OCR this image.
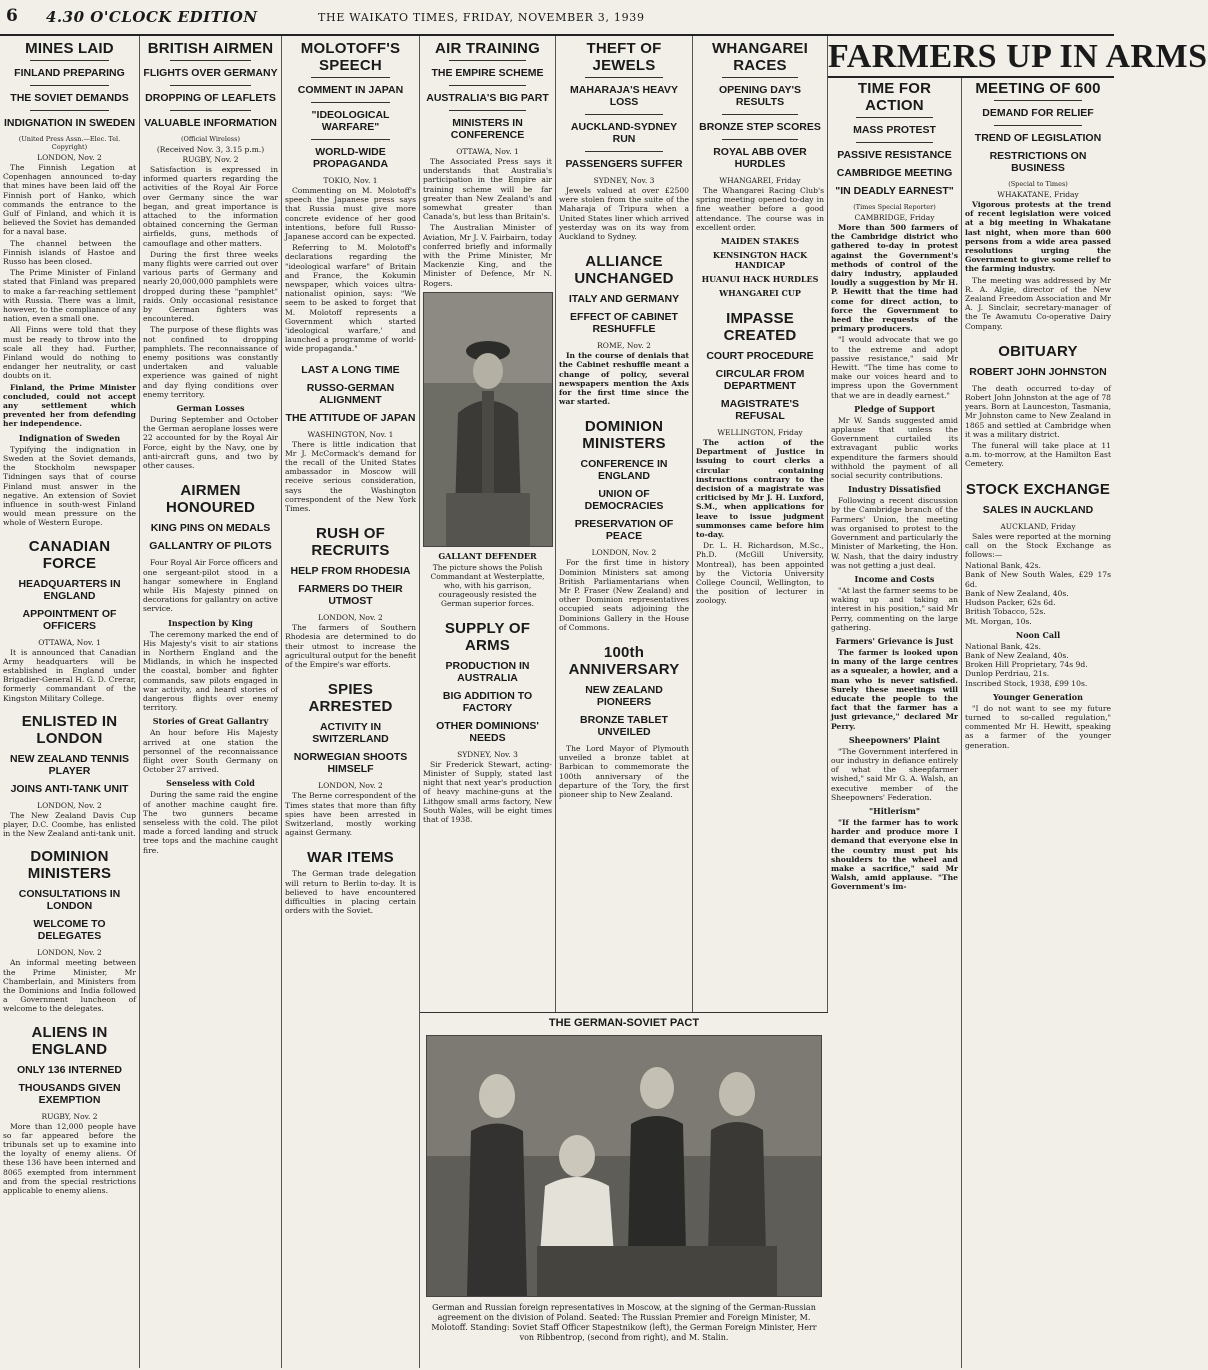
6 4.30 O'CLOCK EDITION	THE WAIKATO TIMES, FRIDAY, NOVEMBER 3, 1939
MINES LAID
FINLAND PREPARING
THE SOVIET DEMANDS
INDIGNATION IN SWEDEN
(United Press Assn.—Elec. Tel. Copyright)
LONDON, Nov. 2

The Finnish Legation at Copenhagen announced to-day that mines have been laid off the Finnish port of Hanko, which commands the entrance to the Gulf of Finland, and which it is believed the Soviet has demanded for a naval base.

The channel between the Finnish islands of Hastoe and Russo has been closed.

The Prime Minister of Finland stated that Finland was prepared to make a far-reaching settlement with Russia. There was a limit, however, to the compliance of any nation, even a small one.

All Finns were told that they must be ready to throw into the scale all they had. Further, Finland would do nothing to endanger her neutrality, or cast doubts on it.

Finland, the Prime Minister concluded, could not accept any settlement which prevented her from defending her independence.

Indignation of Sweden

Typifying the indignation in Sweden at the Soviet demands, the Stockholm newspaper Tidningen says that of course Finland must answer in the negative. An extension of Soviet influence in south-west Finland would mean pressure on the whole of Western Europe.

CANADIAN FORCE
HEADQUARTERS IN ENGLAND
APPOINTMENT OF OFFICERS
OTTAWA, Nov. 1

It is announced that Canadian Army headquarters will be established in England under Brigadier-General H. G. D. Crerar, formerly commandant of the Kingston Military College.

ENLISTED IN LONDON
NEW ZEALAND TENNIS PLAYER
JOINS ANTI-TANK UNIT
LONDON, Nov. 2

The New Zealand Davis Cup player, D.C. Coombe, has enlisted in the New Zealand anti-tank unit.

DOMINION MINISTERS
CONSULTATIONS IN LONDON
WELCOME TO DELEGATES
LONDON, Nov. 2

An informal meeting between the Prime Minister, Mr Chamberlain, and Ministers from the Dominions and India followed a Government luncheon of welcome to the delegates.

ALIENS IN ENGLAND
ONLY 136 INTERNED
THOUSANDS GIVEN EXEMPTION
RUGBY, Nov. 2

More than 12,000 people have so far appeared before the tribunals set up to examine into the loyalty of enemy aliens. Of these 136 have been interned and 8065 exempted from internment and from the special restrictions applicable to enemy aliens.

BRITISH AIRMEN
FLIGHTS OVER GERMANY
DROPPING OF LEAFLETS
VALUABLE INFORMATION
(Official Wireless)
(Received Nov. 3, 3.15 p.m.)
RUGBY, Nov. 2

Satisfaction is expressed in informed quarters regarding the activities of the Royal Air Force over Germany since the war began, and great importance is attached to the information obtained concerning the German airfields, guns, methods of camouflage and other matters.

During the first three weeks many flights were carried out over various parts of Germany and nearly 20,000,000 pamphlets were dropped during these "pamphlet" raids. Only occasional resistance by German fighters was encountered.

The purpose of these flights was not confined to dropping pamphlets. The reconnaissance of enemy positions was constantly undertaken and valuable experience was gained of night and day flying conditions over enemy territory.

German Losses

During September and October the German aeroplane losses were 22 accounted for by the Royal Air Force, eight by the Navy, one by anti-aircraft guns, and two by other causes.

AIRMEN HONOURED
KING PINS ON MEDALS
GALLANTRY OF PILOTS

Four Royal Air Force officers and one sergeant-pilot stood in a hangar somewhere in England while His Majesty pinned on decorations for gallantry on active service.

Inspection by King

The ceremony marked the end of His Majesty's visit to air stations in Northern England and the Midlands, in which he inspected the coastal, bomber and fighter commands, saw pilots engaged in war activity, and heard stories of dangerous flights over enemy territory.

Stories of Great Gallantry

An hour before His Majesty arrived at one station the personnel of the reconnaissance flight over South Germany on October 27 arrived.

Senseless with Cold

During the same raid the engine of another machine caught fire. The two gunners became senseless with the cold. The pilot made a forced landing and struck tree tops and the machine caught fire.

MOLOTOFF'S SPEECH
COMMENT IN JAPAN
"IDEOLOGICAL WARFARE"
WORLD-WIDE PROPAGANDA
TOKIO, Nov. 1

Commenting on M. Molotoff's speech the Japanese press says that Russia must give more concrete evidence of her good intentions, before full Russo-Japanese accord can be expected.

Referring to M. Molotoff's declarations regarding the "ideological warfare" of Britain and France, the Kokumin newspaper, which voices ultra-nationalist opinion, says: "We seem to be asked to forget that M. Molotoff represents a Government which started 'ideological warfare,' and launched a programme of world-wide propaganda."

LAST A LONG TIME
RUSSO-GERMAN ALIGNMENT
THE ATTITUDE OF JAPAN
WASHINGTON, Nov. 1

There is little indication that Mr J. McCormack's demand for the recall of the United States ambassador in Moscow will receive serious consideration, says the Washington correspondent of the New York Times.

RUSH OF RECRUITS
HELP FROM RHODESIA
FARMERS DO THEIR UTMOST
LONDON, Nov. 2

The farmers of Southern Rhodesia are determined to do their utmost to increase the agricultural output for the benefit of the Empire's war efforts.

SPIES ARRESTED
ACTIVITY IN SWITZERLAND
NORWEGIAN SHOOTS HIMSELF
LONDON, Nov. 2

The Berne correspondent of the Times states that more than fifty spies have been arrested in Switzerland, mostly working against Germany.

WAR ITEMS

The German trade delegation will return to Berlin to-day. It is believed to have encountered difficulties in placing certain orders with the Soviet.

AIR TRAINING
THE EMPIRE SCHEME
AUSTRALIA'S BIG PART
MINISTERS IN CONFERENCE
OTTAWA, Nov. 1

The Associated Press says it understands that Australia's participation in the Empire air training scheme will be far greater than New Zealand's and somewhat greater than Canada's, but less than Britain's.

The Australian Minister of Aviation, Mr J. V. Fairbairn, today conferred briefly and informally with the Prime Minister, Mr Mackenzie King, and the Minister of Defence, Mr N. Rogers.

GALLANT DEFENDER
The picture shows the Polish Commandant at Westerplatte, who, with his garrison, courageously resisted the German superior forces.
SUPPLY OF ARMS
PRODUCTION IN AUSTRALIA
BIG ADDITION TO FACTORY
OTHER DOMINIONS' NEEDS
SYDNEY, Nov. 3

Sir Frederick Stewart, acting-Minister of Supply, stated last night that next year's production of heavy machine-guns at the Lithgow small arms factory, New South Wales, will be eight times that of 1938.

THEFT OF JEWELS
MAHARAJA'S HEAVY LOSS
AUCKLAND-SYDNEY RUN
PASSENGERS SUFFER
SYDNEY, Nov. 3

Jewels valued at over £2500 were stolen from the suite of the Maharaja of Tripura when a United States liner which arrived yesterday was on its way from Auckland to Sydney.

ALLIANCE UNCHANGED
ITALY AND GERMANY
EFFECT OF CABINET RESHUFFLE
ROME, Nov. 2

In the course of denials that the Cabinet reshuffle meant a change of policy, several newspapers mention the Axis for the first time since the war started.

DOMINION MINISTERS
CONFERENCE IN ENGLAND
UNION OF DEMOCRACIES
PRESERVATION OF PEACE
LONDON, Nov. 2

For the first time in history Dominion Ministers sat among British Parliamentarians when Mr P. Fraser (New Zealand) and other Dominion representatives occupied seats adjoining the Dominions Gallery in the House of Commons.

100th ANNIVERSARY
NEW ZEALAND PIONEERS
BRONZE TABLET UNVEILED

The Lord Mayor of Plymouth unveiled a bronze tablet at Barbican to commemorate the 100th anniversary of the departure of the Tory, the first pioneer ship to New Zealand.

WHANGAREI RACES
OPENING DAY'S RESULTS
BRONZE STEP SCORES
ROYAL ABB OVER HURDLES
WHANGAREI, Friday

The Whangarei Racing Club's spring meeting opened to-day in fine weather before a good attendance. The course was in excellent order.

MAIDEN STAKES
KENSINGTON HACK HANDICAP
HUANUI HACK HURDLES
WHANGAREI CUP
IMPASSE CREATED
COURT PROCEDURE
CIRCULAR FROM DEPARTMENT
MAGISTRATE'S REFUSAL
WELLINGTON, Friday

The action of the Department of Justice in issuing to court clerks a circular containing instructions contrary to the decision of a magistrate was criticised by Mr J. H. Luxford, S.M., when applications for leave to issue judgment summonses came before him to-day.

Dr. L. H. Richardson, M.Sc., Ph.D. (McGill University, Montreal), has been appointed by the Victoria University College Council, Wellington, to the position of lecturer in zoology.

TIME FOR ACTION
MASS PROTEST
PASSIVE RESISTANCE
CAMBRIDGE MEETING
"IN DEADLY EARNEST"
(Times Special Reporter)
CAMBRIDGE, Friday

More than 500 farmers of the Cambridge district who gathered to-day in protest against the Government's methods of control of the dairy industry, applauded loudly a suggestion by Mr H. P. Hewitt that the time had come for direct action, to force the Government to heed the requests of the primary producers.

"I would advocate that we go to the extreme and adopt passive resistance," said Mr Hewitt. "The time has come to make our voices heard and to impress upon the Government that we are in deadly earnest."

Pledge of Support

Mr W. Sands suggested amid applause that unless the Government curtailed its extravagant public works expenditure the farmers should withhold the payment of all social security contributions.

Industry Dissatisfied

Following a recent discussion by the Cambridge branch of the Farmers' Union, the meeting was organised to protest to the Government and particularly the Minister of Marketing, the Hon. W. Nash, that the dairy industry was not getting a just deal.

Income and Costs

"At last the farmer seems to be waking up and taking an interest in his position," said Mr Perry, commenting on the large gathering.

Farmers' Grievance is Just

The farmer is looked upon in many of the large centres as a squealer, a howler, and a man who is never satisfied. Surely these meetings will educate the people to the fact that the farmer has a just grievance," declared Mr Perry.

Sheepowners' Plaint

"The Government interfered in our industry in defiance entirely of what the sheepfarmer wished," said Mr G. A. Walsh, an executive member of the Sheepowners' Federation.

"Hitlerism"

"If the farmer has to work harder and produce more I demand that everyone else in the country must put his shoulders to the wheel and make a sacrifice," said Mr Walsh, amid applause. "The Government's im-

MEETING OF 600
DEMAND FOR RELIEF
TREND OF LEGISLATION
RESTRICTIONS ON BUSINESS
(Special to Times)
WHAKATANE, Friday

Vigorous protests at the trend of recent legislation were voiced at a big meeting in Whakatane last night, when more than 600 persons from a wide area passed resolutions urging the Government to give some relief to the farming industry.

The meeting was addressed by Mr R. A. Algie, director of the New Zealand Freedom Association and Mr A. J. Sinclair, secretary-manager of the Te Awamutu Co-operative Dairy Company.

OBITUARY
ROBERT JOHN JOHNSTON

The death occurred to-day of Robert John Johnston at the age of 78 years. Born at Launceston, Tasmania, Mr Johnston came to New Zealand in 1865 and settled at Cambridge when it was a military district.

The funeral will take place at 11 a.m. to-morrow, at the Hamilton East Cemetery.

STOCK EXCHANGE
SALES IN AUCKLAND
AUCKLAND, Friday

Sales were reported at the morning call on the Stock Exchange as follows:—

National Bank, 42s.
Bank of New South Wales, £29 17s 6d.
Bank of New Zealand, 40s.
Hudson Packer, 62s 6d.
British Tobacco, 52s.
Mt. Morgan, 10s.
Noon Call
National Bank, 42s.
Bank of New Zealand, 40s.
Broken Hill Proprietary, 74s 9d.
Dunlop Perdriau, 21s.
Inscribed Stock, 1938, £99 10s.
Younger Generation

"I do not want to see my future turned to so-called regulation," commented Mr H. Hewitt, speaking as a farmer of the younger generation.

FARMERS UP IN ARMS
THE GERMAN-SOVIET PACT
German and Russian foreign representatives in Moscow, at the signing of the German-Russian agreement on the division of Poland. Seated: The Russian Premier and Foreign Minister, M. Molotoff. Standing: Soviet Staff Officer Stapestnikow (left), the German Foreign Minister, Herr von Ribbentrop, (second from right), and M. Stalin.
